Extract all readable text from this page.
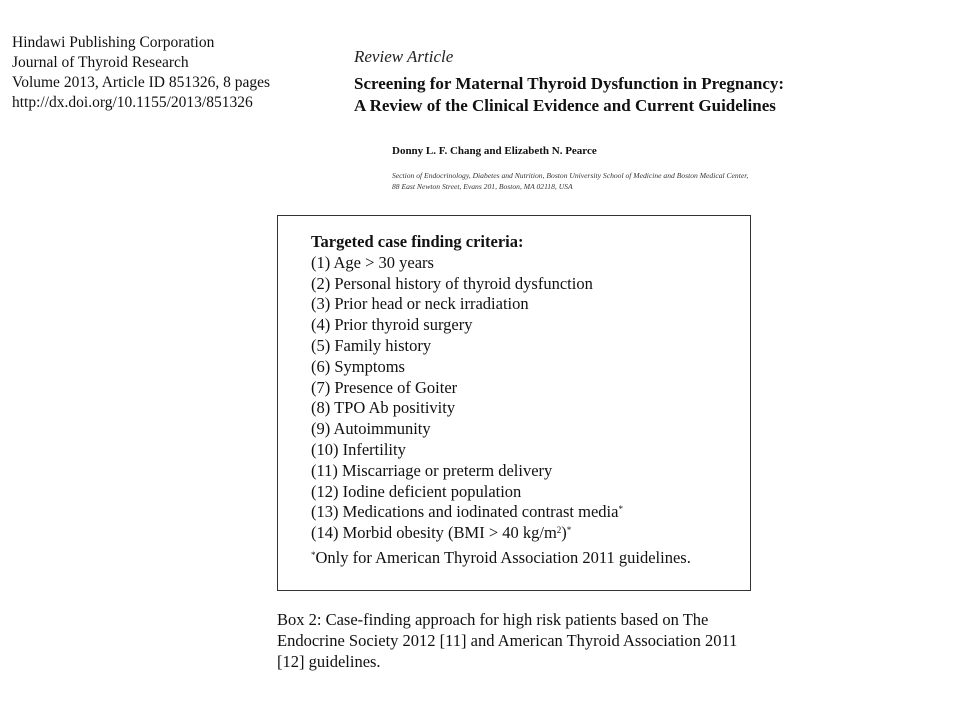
Hindawi Publishing Corporation
Journal of Thyroid Research
Volume 2013, Article ID 851326, 8 pages
http://dx.doi.org/10.1155/2013/851326
Review Article
Screening for Maternal Thyroid Dysfunction in Pregnancy:
A Review of the Clinical Evidence and Current Guidelines
Donny L. F. Chang and Elizabeth N. Pearce
Section of Endocrinology, Diabetes and Nutrition, Boston University School of Medicine and Boston Medical Center,
88 East Newton Street, Evans 201, Boston, MA 02118, USA
Targeted case finding criteria:
(1) Age > 30 years
(2) Personal history of thyroid dysfunction
(3) Prior head or neck irradiation
(4) Prior thyroid surgery
(5) Family history
(6) Symptoms
(7) Presence of Goiter
(8) TPO Ab positivity
(9) Autoimmunity
(10) Infertility
(11) Miscarriage or preterm delivery
(12) Iodine deficient population
(13) Medications and iodinated contrast media*
(14) Morbid obesity (BMI > 40 $kg/m^2)^*$
*Only for American Thyroid Association 2011 guidelines.
Box 2: Case-finding approach for high risk patients based on The
Endocrine Society 2012 [11] and American Thyroid Association 2011
[12] guidelines.
